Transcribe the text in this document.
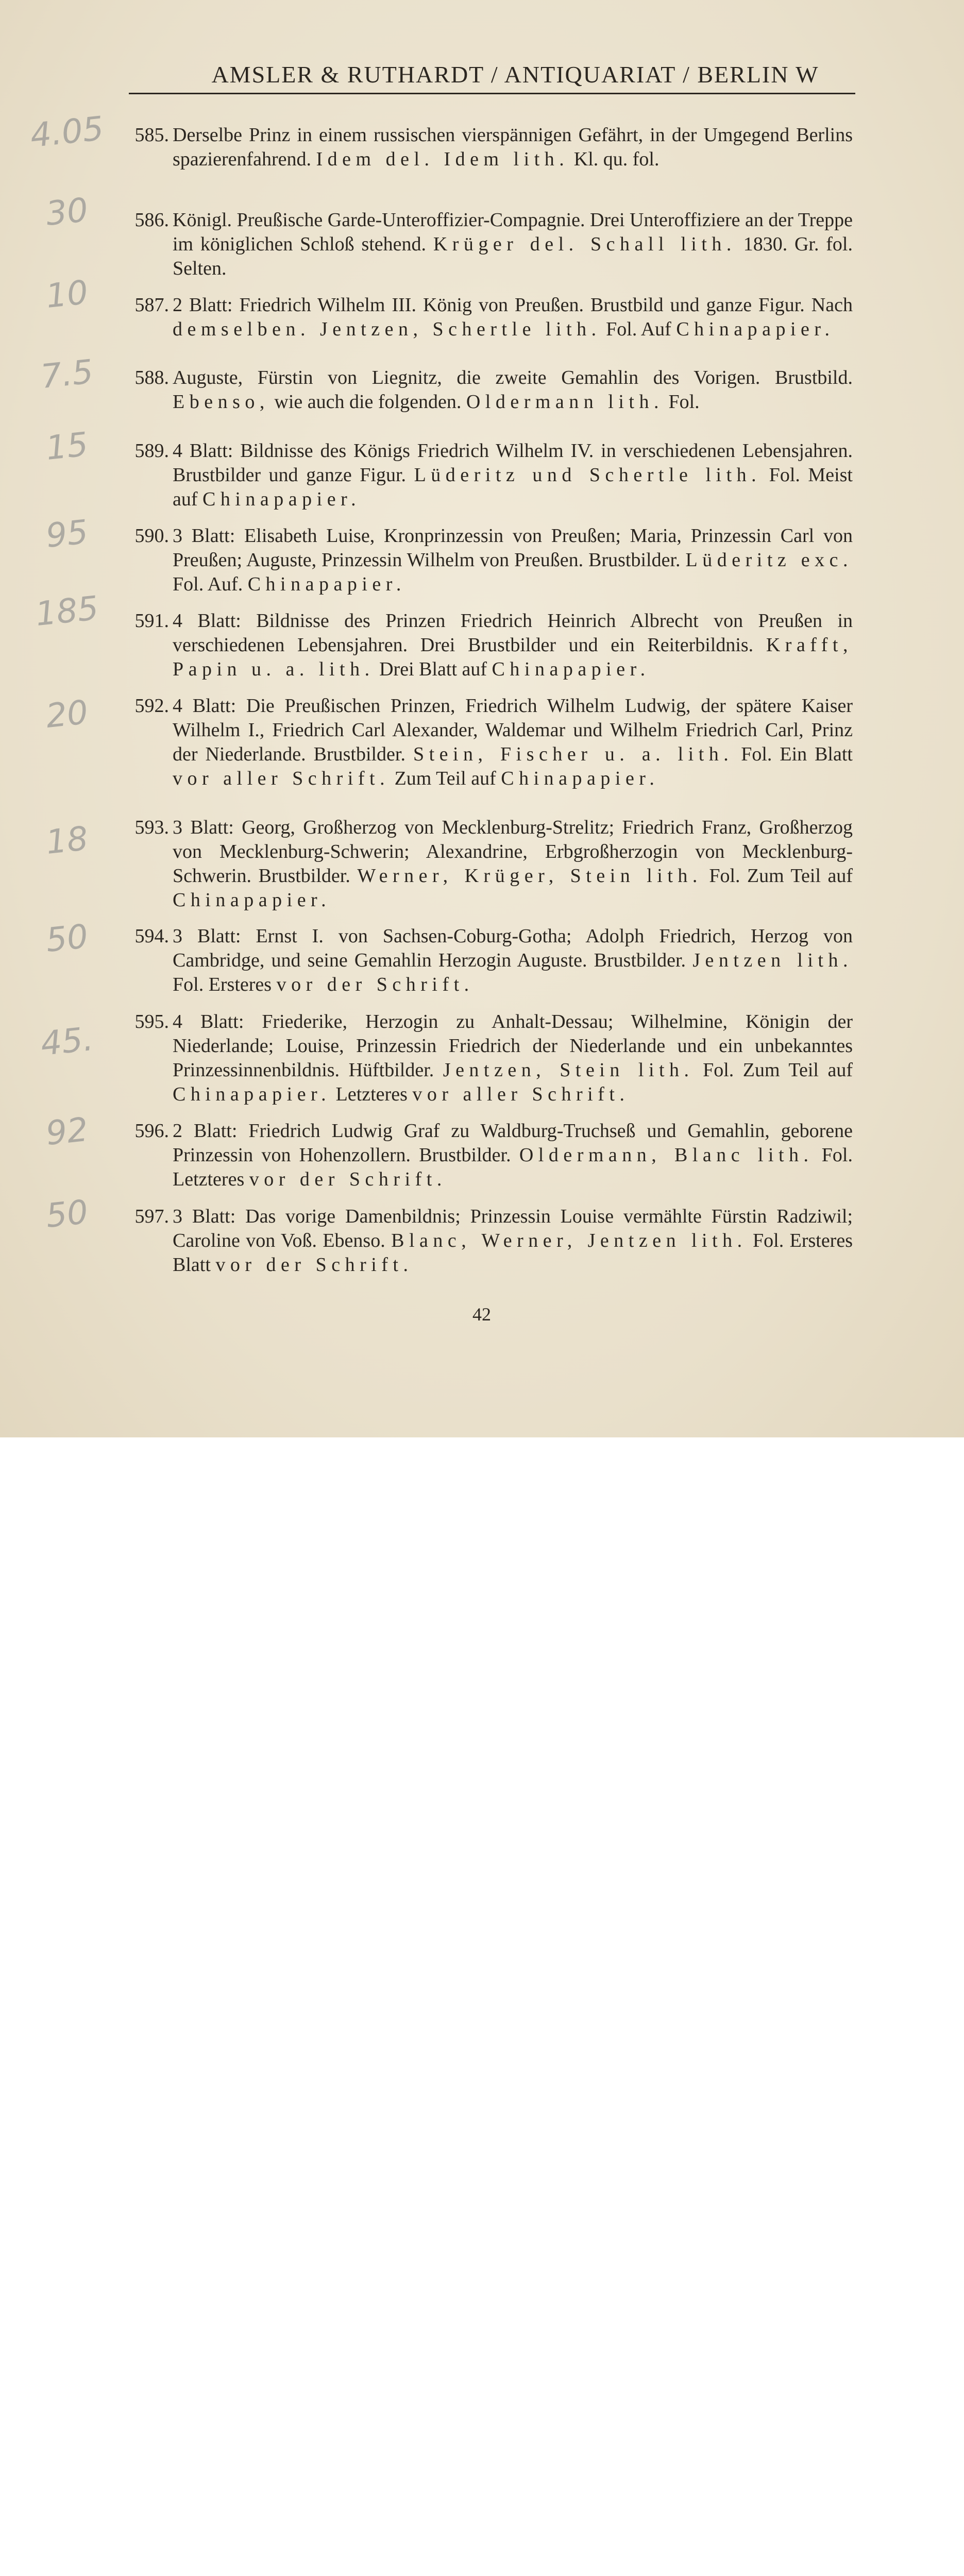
AMSLER & RUTHARDT / ANTIQUARIAT / BERLIN W
4.05	585. Derselbe Prinz in einem russischen vierspännigen Gefährt, in der Umgegend Berlins spazierenfahrend. Idem del. Idem lith. Kl. qu. fol.
30	586. Königl. Preußische Garde-Unteroffizier-Compagnie. Drei Unteroffiziere an der Treppe im königlichen Schloß stehend. Krüger del. Schall lith. 1830. Gr. fol. Selten.
10	587. 2 Blatt: Friedrich Wilhelm III. König von Preußen. Brustbild und ganze Figur. Nach demselben. Jentzen, Schertle lith. Fol. Auf Chinapapier.
7.5	588. Auguste, Fürstin von Liegnitz, die zweite Gemahlin des Vorigen. Brustbild. Ebenso, wie auch die folgenden. Oldermann lith. Fol.
15	589. 4 Blatt: Bildnisse des Königs Friedrich Wilhelm IV. in verschiedenen Lebensjahren. Brustbilder und ganze Figur. Lüderitz und Schertle lith. Fol. Meist auf Chinapapier.
95	590. 3 Blatt: Elisabeth Luise, Kronprinzessin von Preußen; Maria, Prinzessin Carl von Preußen; Auguste, Prinzessin Wilhelm von Preußen. Brustbilder. Lüderitz exc. Fol. Auf. Chinapapier.
185	591. 4 Blatt: Bildnisse des Prinzen Friedrich Heinrich Albrecht von Preußen in verschiedenen Lebensjahren. Drei Brustbilder und ein Reiterbildnis. Krafft, Papin u. a. lith. Drei Blatt auf Chinapapier.
20	592. 4 Blatt: Die Preußischen Prinzen, Friedrich Wilhelm Ludwig, der spätere Kaiser Wilhelm I., Friedrich Carl Alexander, Waldemar und Wilhelm Friedrich Carl, Prinz der Niederlande. Brustbilder. Stein, Fischer u. a. lith. Fol. Ein Blatt vor aller Schrift. Zum Teil auf Chinapapier.
18	593. 3 Blatt: Georg, Großherzog von Mecklenburg-Strelitz; Friedrich Franz, Großherzog von Mecklenburg-Schwerin; Alexandrine, Erbgroßherzogin von Mecklenburg-Schwerin. Brustbilder. Werner, Krüger, Stein lith. Fol. Zum Teil auf Chinapapier.
50	594. 3 Blatt: Ernst I. von Sachsen-Coburg-Gotha; Adolph Friedrich, Herzog von Cambridge, und seine Gemahlin Herzogin Auguste. Brustbilder. Jentzen lith. Fol. Ersteres vor der Schrift.
45.	595. 4 Blatt: Friederike, Herzogin zu Anhalt-Dessau; Wilhelmine, Königin der Niederlande; Louise, Prinzessin Friedrich der Niederlande und ein unbekanntes Prinzessinnenbildnis. Hüftbilder. Jentzen, Stein lith. Fol. Zum Teil auf Chinapapier. Letzteres vor aller Schrift.
92	596. 2 Blatt: Friedrich Ludwig Graf zu Waldburg-Truchseß und Gemahlin, geborene Prinzessin von Hohenzollern. Brustbilder. Oldermann, Blanc lith. Fol. Letzteres vor der Schrift.
50	597. 3 Blatt: Das vorige Damenbildnis; Prinzessin Louise vermählte Fürstin Radziwil; Caroline von Voß. Ebenso. Blanc, Werner, Jentzen lith. Fol. Ersteres Blatt vor der Schrift.
42
